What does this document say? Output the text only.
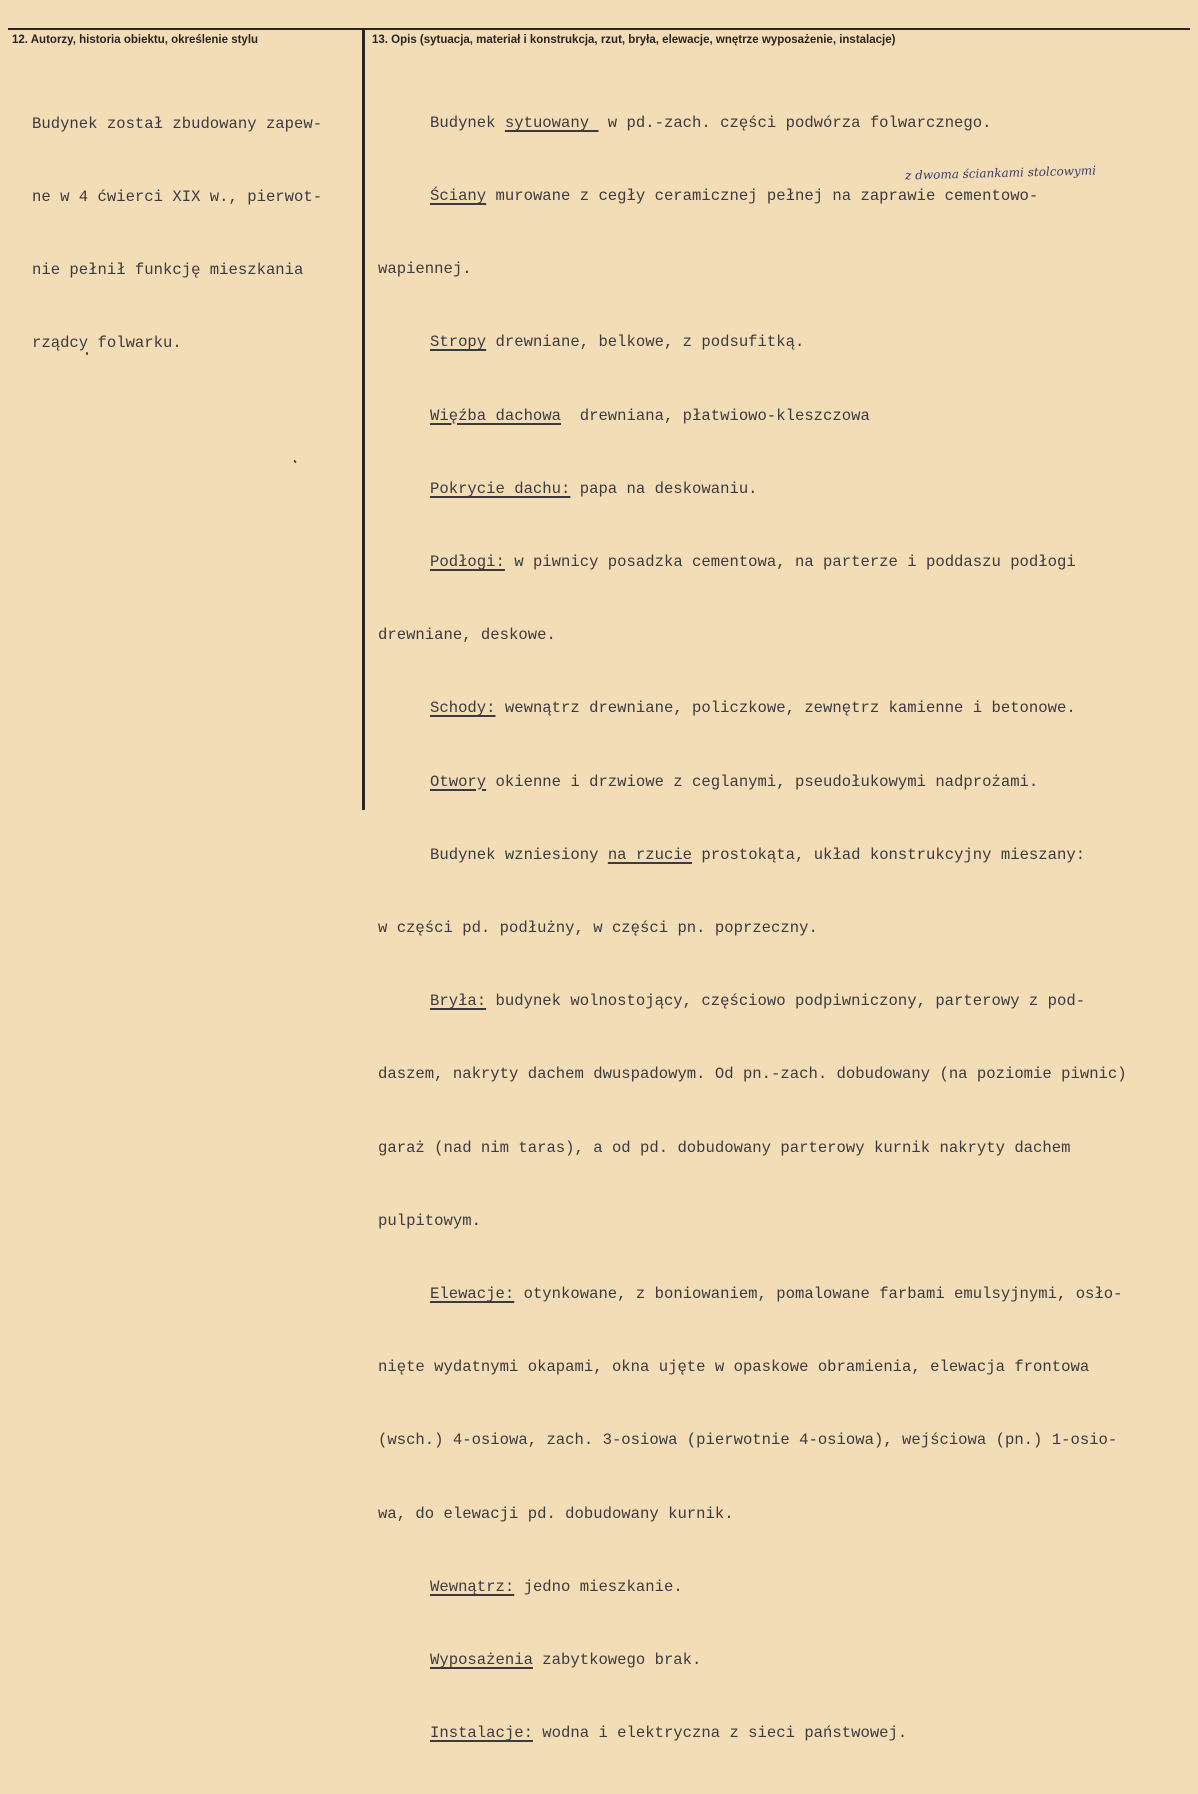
12. Autorzy, historia obiektu, określenie stylu	13. Opis (sytuacja, materiał i konstrukcja, rzut, bryła, elewacje, wnętrze wyposażenie, instalacje)

Budynek został zbudowany zapew-

ne w 4 ćwierci XIX w., pierwot-

nie pełnił funkcję mieszkania

rządcy folwarku.

Budynek sytuowany  w pd.-zach. części podwórza folwarcznego.

Ściany murowane z cegły ceramicznej pełnej na zaprawie cementowo-

wapiennej.

Stropy drewniane, belkowe, z podsufitką.

Więźba dachowa  drewniana, płatwiowo-kleszczowa

Pokrycie dachu: papa na deskowaniu.

Podłogi: w piwnicy posadzka cementowa, na parterze i poddaszu podłogi

drewniane, deskowe.

Schody: wewnątrz drewniane, policzkowe, zewnętrz kamienne i betonowe.

Otwory okienne i drzwiowe z ceglanymi, pseudołukowymi nadprożami.

Budynek wzniesiony na rzucie prostokąta, układ konstrukcyjny mieszany:

w części pd. podłużny, w części pn. poprzeczny.

Bryła: budynek wolnostojący, częściowo podpiwniczony, parterowy z pod-

daszem, nakryty dachem dwuspadowym. Od pn.-zach. dobudowany (na poziomie piwnic)

garaż (nad nim taras), a od pd. dobudowany parterowy kurnik nakryty dachem

pulpitowym.

Elewacje: otynkowane, z boniowaniem, pomalowane farbami emulsyjnymi, osło-

nięte wydatnymi okapami, okna ujęte w opaskowe obramienia, elewacja frontowa

(wsch.) 4-osiowa, zach. 3-osiowa (pierwotnie 4-osiowa), wejściowa (pn.) 1-osio-

wa, do elewacji pd. dobudowany kurnik.

Wewnątrz: jedno mieszkanie.

Wyposażenia zabytkowego brak.

Instalacje: wodna i elektryczna z sieci państwowej.

z dwoma ściankami stolcowymi
